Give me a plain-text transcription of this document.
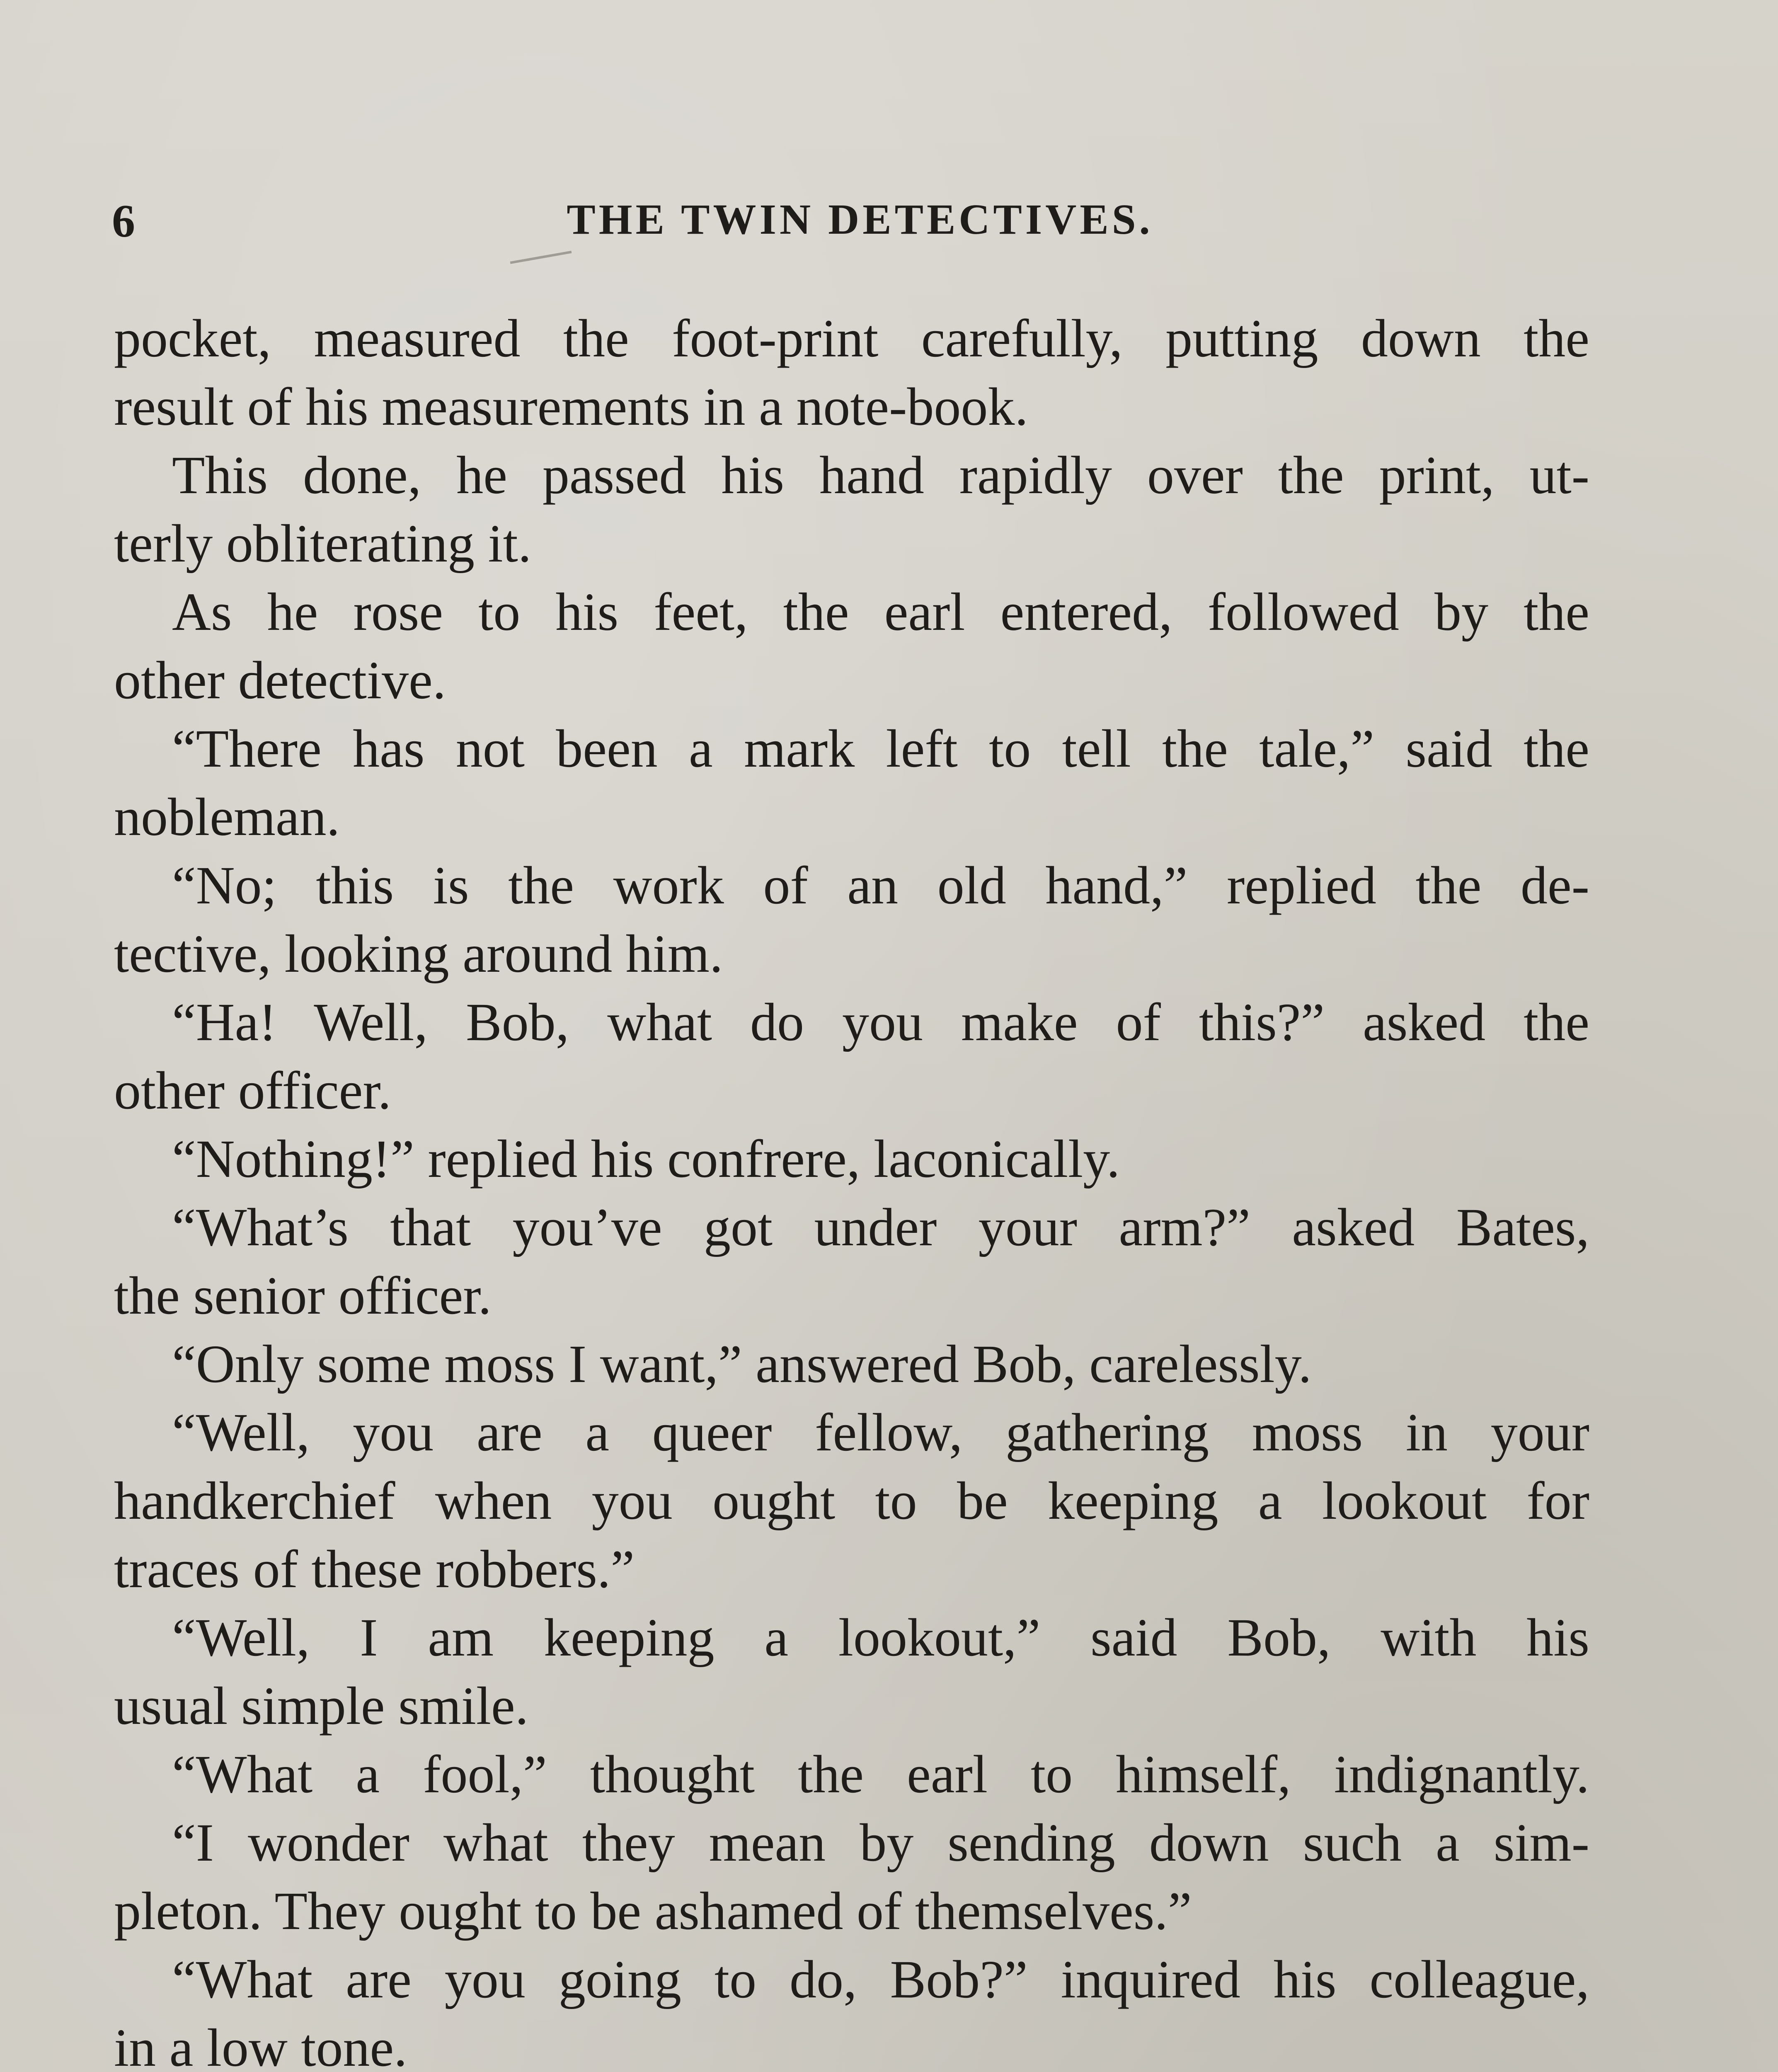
6	THE TWIN DETECTIVES.
pocket, measured the foot-print carefully, putting down the
result of his measurements in a note-book.
This done, he passed his hand rapidly over the print, ut-
terly obliterating it.
As he rose to his feet, the earl entered, followed by the
other detective.
“There has not been a mark left to tell the tale,” said the
nobleman.
“No; this is the work of an old hand,” replied the de-
tective, looking around him.
“Ha! Well, Bob, what do you make of this?” asked the
other officer.
“Nothing!” replied his confrere, laconically.
“What’s that you’ve got under your arm?” asked Bates,
the senior officer.
“Only some moss I want,” answered Bob, carelessly.
“Well, you are a queer fellow, gathering moss in your
handkerchief when you ought to be keeping a lookout for
traces of these robbers.”
“Well, I am keeping a lookout,” said Bob, with his
usual simple smile.
“What a fool,” thought the earl to himself, indignantly.
“I wonder what they mean by sending down such a sim-
pleton. They ought to be ashamed of themselves.”
“What are you going to do, Bob?” inquired his colleague,
in a low tone.
